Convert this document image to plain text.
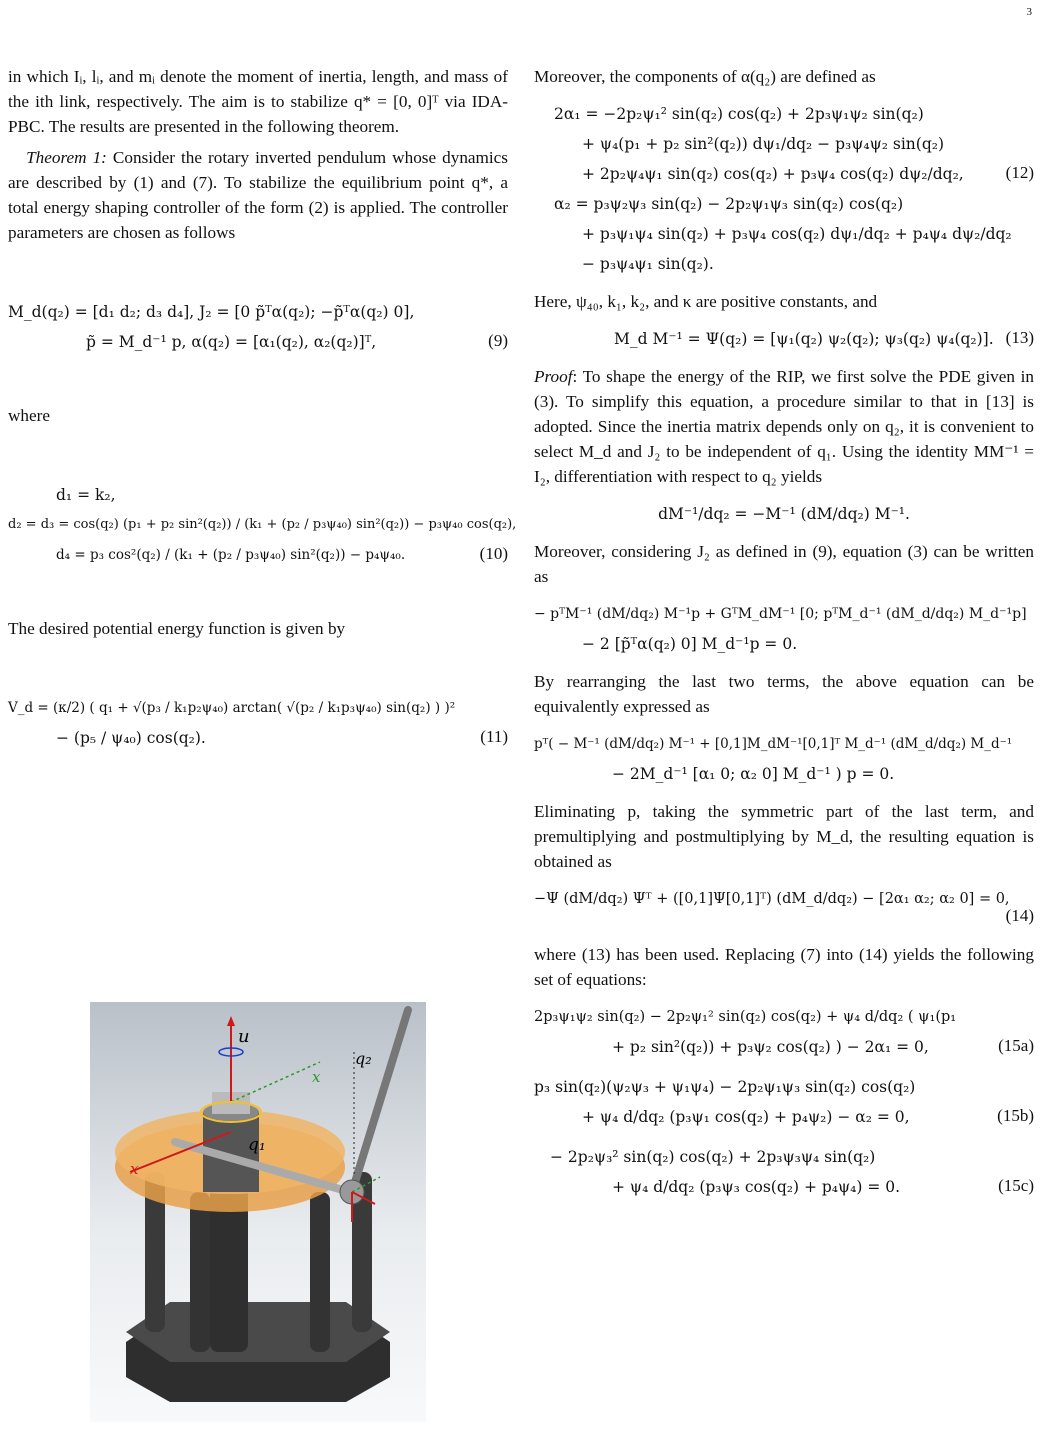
3

in which Iᵢ, lᵢ, and mᵢ denote the moment of inertia, length, and mass of the ith link, respectively. The aim is to stabilize q* = [0, 0]ᵀ via IDA-PBC. The results are presented in the following theorem.

Theorem 1: Consider the rotary inverted pendulum whose dynamics are described by (1) and (7). To stabilize the equilibrium point q*, a total energy shaping controller of the form (2) is applied. The controller parameters are chosen as follows

M_d(q₂) = [d₁ d₂; d₃ d₄], J₂ = [0 p̃ᵀα(q₂); −p̃ᵀα(q₂) 0],
p̃ = M_d⁻¹ p, α(q₂) = [α₁(q₂), α₂(q₂)]ᵀ,	(9)

where

d₁ = k₂,
d₂ = d₃ = cos(q₂) (p₁ + p₂ sin²(q₂)) / (k₁ + (p₂ / p₃ψ₄₀) sin²(q₂)) − p₃ψ₄₀ cos(q₂),
d₄ = p₃ cos²(q₂) / (k₁ + (p₂ / p₃ψ₄₀) sin²(q₂)) − p₄ψ₄₀.	(10)

The desired potential energy function is given by

V_d = (κ/2) ( q₁ + √(p₃ / k₁p₂ψ₄₀) arctan( √(p₂ / k₁p₃ψ₄₀) sin(q₂) ) )²
− (p₅ / ψ₄₀) cos(q₂).	(11)
u
x
q₂
q₁
x

Moreover, the components of α(q₂) are defined as

2α₁ = −2p₂ψ₁² sin(q₂) cos(q₂) + 2p₃ψ₁ψ₂ sin(q₂)
+ ψ₄(p₁ + p₂ sin²(q₂)) dψ₁/dq₂ − p₃ψ₄ψ₂ sin(q₂)
+ 2p₂ψ₄ψ₁ sin(q₂) cos(q₂) + p₃ψ₄ cos(q₂) dψ₂/dq₂,
α₂ = p₃ψ₂ψ₃ sin(q₂) − 2p₂ψ₁ψ₃ sin(q₂) cos(q₂)
+ p₃ψ₁ψ₄ sin(q₂) + p₃ψ₄ cos(q₂) dψ₁/dq₂ + p₄ψ₄ dψ₂/dq₂
− p₃ψ₄ψ₁ sin(q₂).
(12)

Here, ψ₄₀, k₁, k₂, and κ are positive constants, and

M_d M⁻¹ = Ψ(q₂) = [ψ₁(q₂) ψ₂(q₂); ψ₃(q₂) ψ₄(q₂)]. (13)

Proof: To shape the energy of the RIP, we first solve the PDE given in (3). To simplify this equation, a procedure similar to that in [13] is adopted. Since the inertia matrix depends only on q₂, it is convenient to select M_d and J₂ to be independent of q₁. Using the identity MM⁻¹ = I₂, differentiation with respect to q₂ yields

dM⁻¹/dq₂ = −M⁻¹ (dM/dq₂) M⁻¹.

Moreover, considering J₂ as defined in (9), equation (3) can be written as

− pᵀM⁻¹ (dM/dq₂) M⁻¹p + GᵀM_dM⁻¹ [0; pᵀM_d⁻¹ (dM_d/dq₂) M_d⁻¹p]
− 2 [p̃ᵀα(q₂) 0] M_d⁻¹p = 0.

By rearranging the last two terms, the above equation can be equivalently expressed as

pᵀ( − M⁻¹ (dM/dq₂) M⁻¹ + [0,1]M_dM⁻¹[0,1]ᵀ M_d⁻¹ (dM_d/dq₂) M_d⁻¹
− 2M_d⁻¹ [α₁ 0; α₂ 0] M_d⁻¹ ) p = 0.

Eliminating p, taking the symmetric part of the last term, and premultiplying and postmultiplying by M_d, the resulting equation is obtained as

−Ψ (dM/dq₂) Ψᵀ + ([0,1]Ψ[0,1]ᵀ) (dM_d/dq₂) − [2α₁ α₂; α₂ 0] = 0,
(14)

where (13) has been used. Replacing (7) into (14) yields the following set of equations:

2p₃ψ₁ψ₂ sin(q₂) − 2p₂ψ₁² sin(q₂) cos(q₂) + ψ₄ d/dq₂ ( ψ₁(p₁
+ p₂ sin²(q₂)) + p₃ψ₂ cos(q₂) ) − 2α₁ = 0,	(15a)
p₃ sin(q₂)(ψ₂ψ₃ + ψ₁ψ₄) − 2p₂ψ₁ψ₃ sin(q₂) cos(q₂)
+ ψ₄ d/dq₂ (p₃ψ₁ cos(q₂) + p₄ψ₂) − α₂ = 0,	(15b)
− 2p₂ψ₃² sin(q₂) cos(q₂) + 2p₃ψ₃ψ₄ sin(q₂)
+ ψ₄ d/dq₂ (p₃ψ₃ cos(q₂) + p₄ψ₄) = 0.	(15c)
